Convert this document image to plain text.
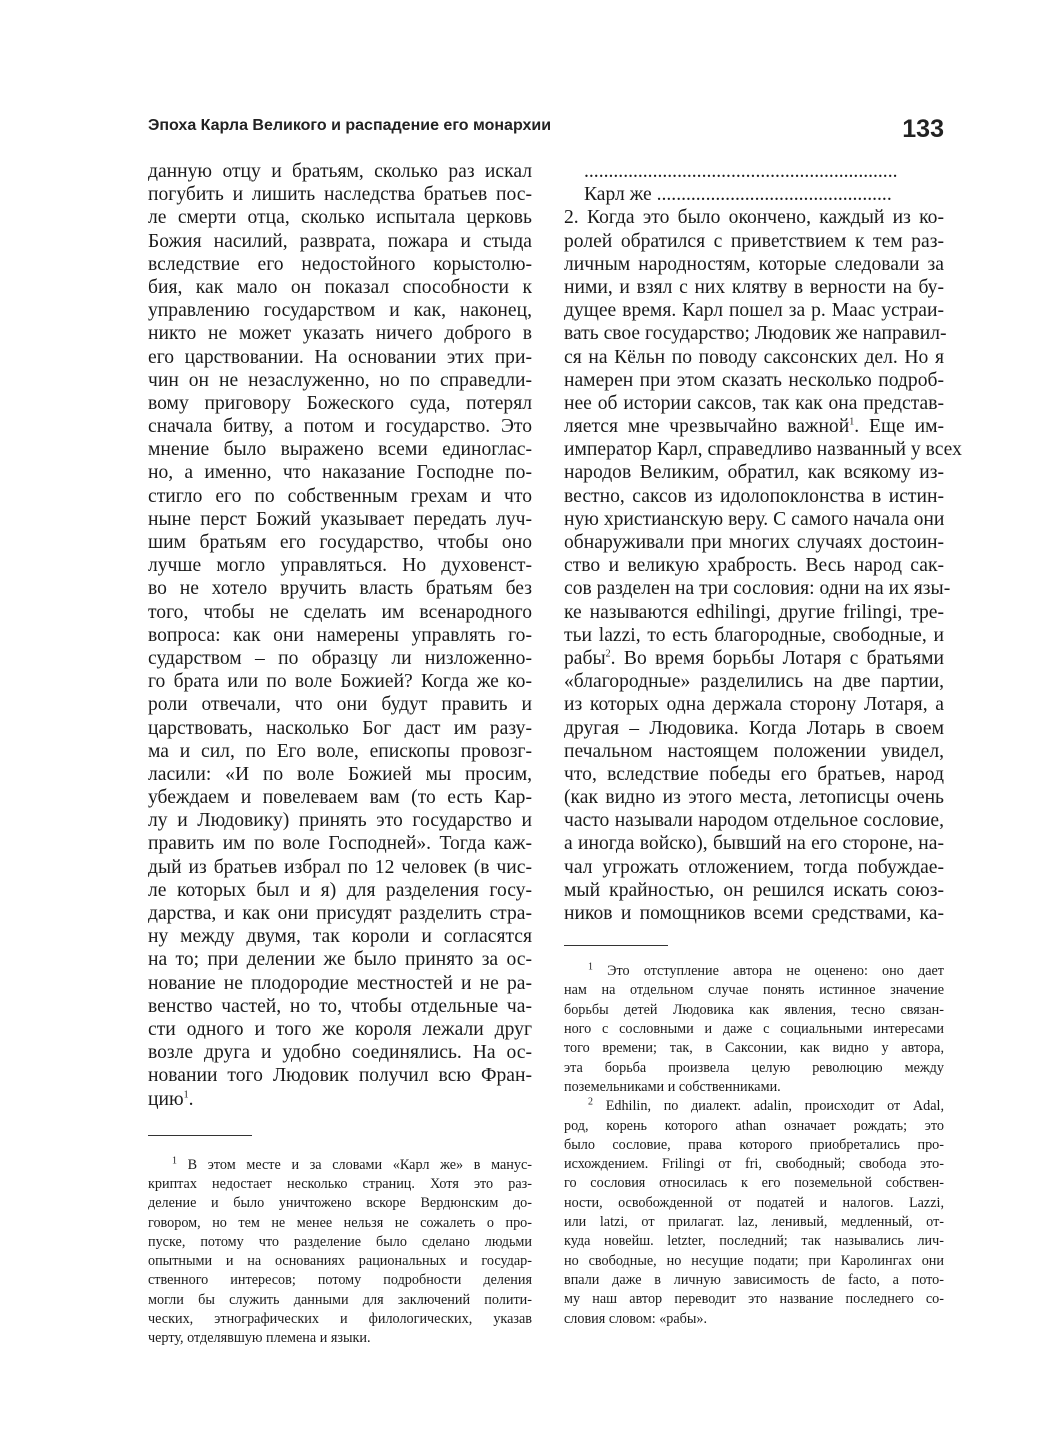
Эпоха Карла Великого и распадение его монархии	133
данную отцу и братьям, сколько раз искал
погубить и лишить наследства братьев пос-
ле смерти отца, сколько испытала церковь
Божия насилий, разврата, пожара и стыда
вследствие его недостойного корыстолю-
бия, как мало он показал способности к
управлению государством и как, наконец,
никто не может указать ничего доброго в
его царствовании. На основании этих при-
чин он не незаслуженно, но по справедли-
вому приговору Божеского суда, потерял
сначала битву, а потом и государство. Это
мнение было выражено всеми единоглас-
но, а именно, что наказание Господне по-
стигло его по собственным грехам и что
ныне перст Божий указывает передать луч-
шим братьям его государство, чтобы оно
лучше могло управляться. Но духовенст-
во не хотело вручить власть братьям без
того, чтобы не сделать им всенародного
вопроса: как они намерены управлять го-
сударством – по образцу ли низложенно-
го брата или по воле Божией? Когда же ко-
роли отвечали, что они будут править и
царствовать, насколько Бог даст им разу-
ма и сил, по Его воле, епископы провозг-
ласили: «И по воле Божией мы просим,
убеждаем и повелеваем вам (то есть Кар-
лу и Людовику) принять это государство и
править им по воле Господней». Тогда каж-
дый из братьев избрал по 12 человек (в чис-
ле которых был и я) для разделения госу-
дарства, и как они присудят разделить стра-
ну между двумя, так короли и согласятся
на то; при делении же было принято за ос-
нование не плодородие местностей и не ра-
венство частей, но то, чтобы отдельные ча-
сти одного и того же короля лежали друг
возле друга и удобно соединялись. На ос-
новании того Людовик получил всю Фран-
цию$^1$.
$^1$ В этом месте и за словами «Карл же» в манус-
криптах недостает несколько страниц. Хотя это раз-
деление и было уничтожено вскоре Вердюнским до-
говором, но тем не менее нельзя не сожалеть о про-
пуске, потому что разделение было сделано людьми
опытными и на основаниях рациональных и государ-
ственного интересов; потому подробности деления
могли бы служить данными для заключений полити-
ческих, этнографических и филологических, указав
черту, отделявшую племена и языки.
................................................................
Карл же ................................................
2. Когда это было окончено, каждый из ко-
ролей обратился с приветствием к тем раз-
личным народностям, которые следовали за
ними, и взял с них клятву в верности на бу-
дущее время. Карл пошел за р. Маас устраи-
вать свое государство; Людовик же направил-
ся на Кёльн по поводу саксонских дел. Но я
намерен при этом сказать несколько подроб-
нее об истории саксов, так как она представ-
ляется мне чрезвычайно важной$^1$. Еще им-
император Карл, справедливо названный у всех
народов Великим, обратил, как всякому из-
вестно, саксов из идолопоклонства в истин-
ную христианскую веру. С самого начала они
обнаруживали при многих случаях достоин-
ство и великую храбрость. Весь народ сак-
сов разделен на три сословия: одни на их язы-
ке называются edhilingi, другие frilingi, тре-
тьи lazzi, то есть благородные, свободные, и
рабы$^2$. Во время борьбы Лотаря с братьями
«благородные» разделились на две партии,
из которых одна держала сторону Лотаря, а
другая – Людовика. Когда Лотарь в своем
печальном настоящем положении увидел,
что, вследствие победы его братьев, народ
(как видно из этого места, летописцы очень
часто называли народом отдельное сословие,
а иногда войско), бывший на его стороне, на-
чал угрожать отложением, тогда побуждае-
мый крайностью, он решился искать союз-
ников и помощников всеми средствами, ка-
$^1$ Это отступление автора не оценено: оно дает
нам на отдельном случае понять истинное значение
борьбы детей Людовика как явления, тесно связан-
ного с сословными и даже с социальными интересами
того времени; так, в Саксонии, как видно у автора,
эта борьба произвела целую революцию между
поземельниками и собственниками.
$^2$ Edhilin, по диалект. adalin, происходит от Adal,
род, корень которого athan означает рождать; это
было сословие, права которого приобретались про-
исхождением. Frilingi от fri, свободный; свобода это-
го сословия относилась к его поземельной собствен-
ности, освобожденной от податей и налогов. Lazzi,
или latzi, от прилагат. laz, ленивый, медленный, от-
куда новейш. letzter, последний; так назывались лич-
но свободные, но несущие подати; при Каролингах они
впали даже в личную зависимость de facto, а пото-
му наш автор переводит это название последнего со-
словия словом: «рабы».
